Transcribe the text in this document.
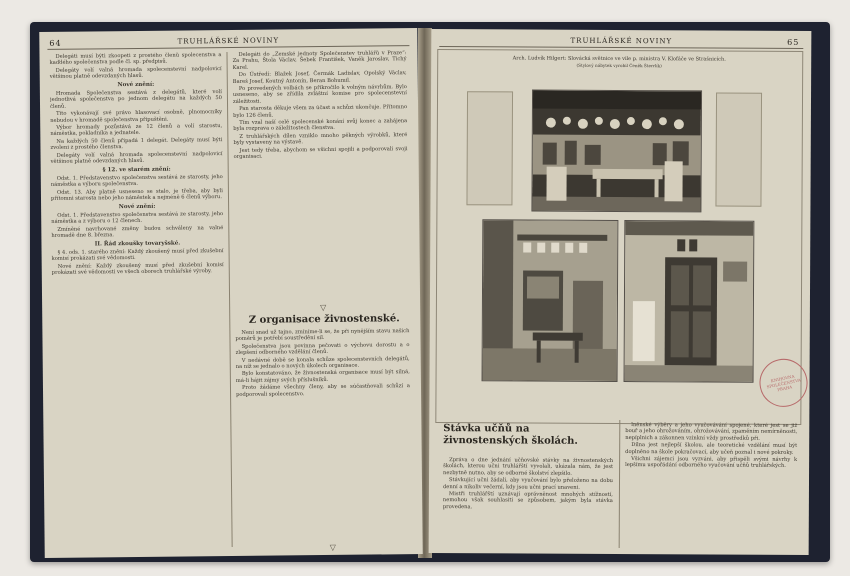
64	TRUHLÁŘSKÉ NOVINY

Delegáti musí býti zkoopeti z prostého členů spolecenstva a kaďdého společenstva podle čl. sp. předpisů.

Delegáty volí valná hromada spolecenstevní nadpolovicí většinou platně odevzdaných hlasů.

Nové znění:

Hromada Společenstva sestává z delegátů, které volí jednotlivá společenstva po jednom delegátu na každých 50 členů.

Tito vykonávají své právo hlasovací osobně, plnomocníky nebudou v hromadě společenstva připuštěni.

Výbor hromady pozůstává ze 12 členů a volí starostu, náměstka, pokladníka a jednatele.

Na každých 50 členů připadá 1 delegát. Delegáty musí býti zvoleni z prostého členstva.

Delegáty volí valná hromada spolecenstevní nadpolovicí většinou platně odevzdaných hlasů.

§ 12. ve starém znění:

Odst. 1. Představenstvo společenstva sestává ze starosty, jeho náměstka a výboru společenstva.

Odst. 13. Aby platně usneseno se stalo, je třeba, aby byli přítomni starosta nebo jeho náměstek a nejméně 6 členů výboru.

Nové znění:

Odst. 1. Představenstvo společenstva sestává ze starosty, jeho náměstka a z výboru o 12 členech.

Zmíněné navrhované změny budou schváleny na valné hromadě dne 8. března.

II. Řád zkoušky tovaryšské.

§ 4. ods. 1. starého znění: Každý zkoušený musí před zkušební komisí prokázati své vědomosti.

Nové znění: Každý zkoušený musí před zkušební komisí prokázati své vědomosti ve všech oborech truhlářské výroby.

Delegáti do „Zemské jednoty Společenstev truhlářů v Praze“: Za Prahu, Štola Václav, Šebek František, Vaněk Jaroslav, Tichý Karel.

Do Ústředí: Blažek Josef, Čermák Ladislav, Opolský Václav, Bareš Josef, Koutný Antonín, Beran Bohumil.

Po provedených volbách se přikročilo k volným návrhům. Bylo usneseno, aby se zřídila zvláštní komise pro spolecenstevní záležitosti.

Pan starosta děkuje všem za účast a schůzi ukončuje. Přítomno bylo 126 členů.

Tím vzal naší celé spolecenské konání svůj konec a zahájena byla rozprava o záležitostech členstva.

Z truhlářských dílen vzniklo mnoho pěkných výrobků, které byly vystaveny na výstavě.

Jest tedy třeba, abychom se všichni spojili a podporovali svoji organisaci.

▽
Z organisace živnostenské.

Není snad už tajno, zmíníme-li se, že při nynějším stavu našich poměrů je potřebí soustředění sil.

Společenstva jsou povinna pečovati o výchovu dorostu a o zlepšení odborného vzdělání členů.

V nedávné době se konala schůze spolecenstevních delegátů, na níž se jednalo o nových úkolech organisace.

Bylo konstatováno, že živnostenská organisace musí být silná, má-li hájit zájmy svých příslušníků.

Proto žádáme všechny členy, aby se súčastňovali schůzí a podporovali spolecenstvo.

▽
TRUHLÁŘSKÉ NOVINY	65
Arch. Ludvík Hilgert: Slovácká světnice ve vile p. ministra V. Klofáče ve Strašnicích.
(Stylový nábytek vyrobil Čeněk Šterrlík)
KNIHOVNA SPOLEČENSTVA PRAHA
Stávka učňů na živnostenských školách.

Zpráva o dne jednání učňovské stávky na živnostenských školách, kterou učni truhlářští vyvolali, ukázala nám, že jest nezbytně nutno, aby se odborné školství zlepšilo.

Stávkující učni žádali, aby vyučování bylo přeloženo na dobu denní a nikoliv večerní, kdy jsou učni prací unaveni.

Mistři truhlářští uznávají oprávněnost mnohých stížností, nemohou však souhlasiti se způsobem, jakým byla stávka provedena.

lněnské výběry a jeho vyučovávání spojené, které jest se již bouř a jeho ohrožováním, ohrožovávání, zpaměním nemírněnosti, nepíplnich a zákonnen vzinkní vždy prostředků při.

Dílna jest nejlepší školou, ale teoretické vzdělání musí být doplněno na škole pokračovací, aby učeň poznal i nové pokroky.

Všichni zájemci jsou vyzváni, aby přispěli svými návrhy k lepšímu uspořádání odborného vyučování učňů truhlářských.
